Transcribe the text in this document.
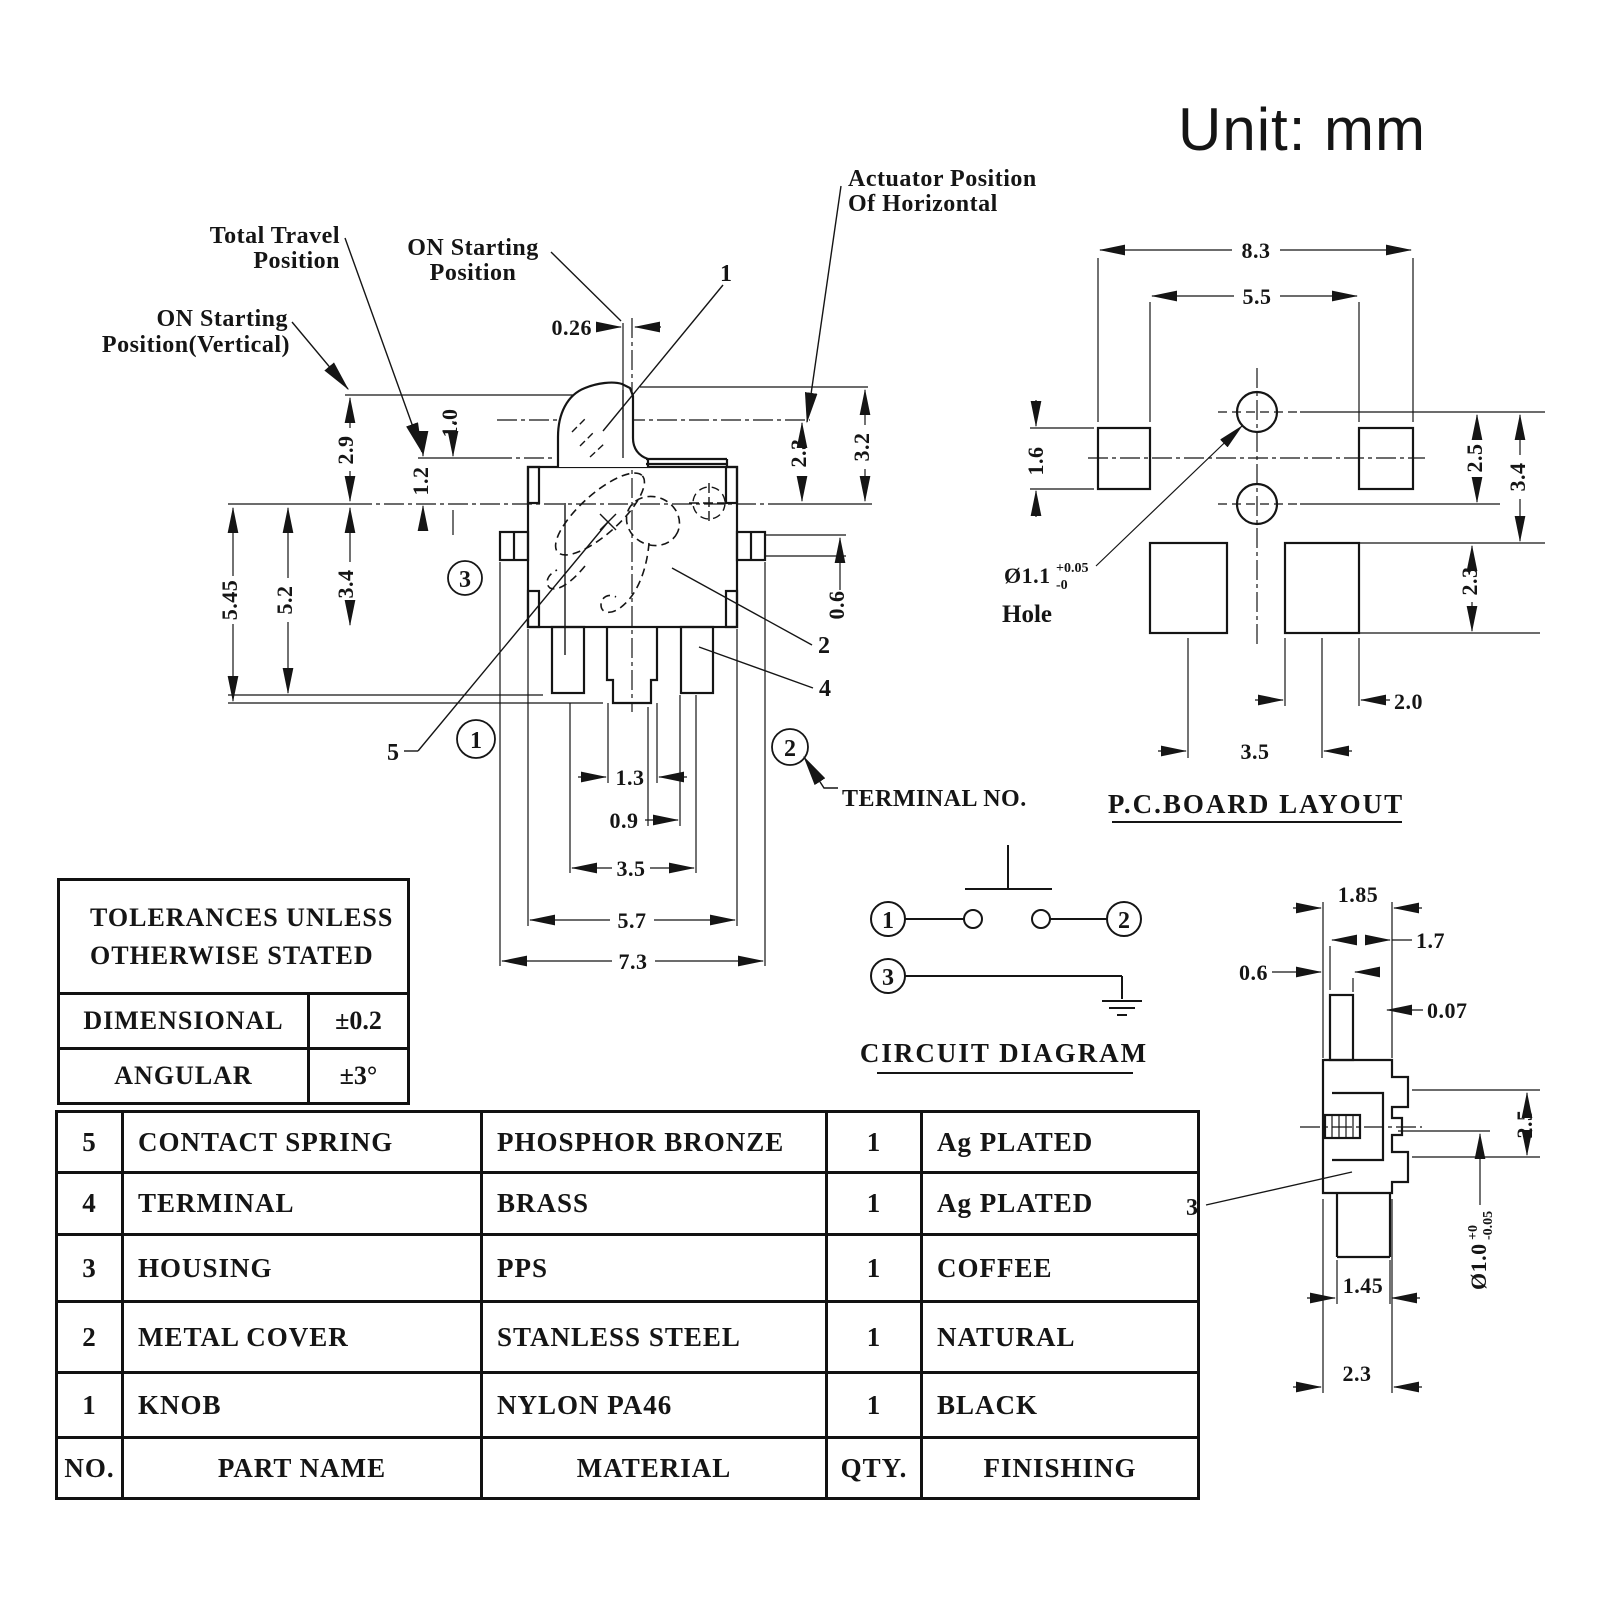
0.26
2.9
3.4
5.2
5.45
1.0
1.2
3.2
2.3
0.6
1.3
0.9
3.5
5.7
7.3
Total Travel
Position	ON Starting
Position
ON Starting
Position(Vertical)
Actuator Position
Of Horizontal
1
2
4
5
3
1	2
TERMINAL NO.
8.3
5.5
1.6	2.5
3.4
2.3
2.0
3.5
Ø1.1 +0.05
-0
Hole
P.C.BOARD LAYOUT
1	2
3
CIRCUIT DIAGRAM
1.85
1.7
0.6
0.07
2.5
Ø1.0
+0 -0.05
1.45
2.3
3
Unit: mm
TOLERANCES UNLESS
OTHERWISE STATED
DIMENSIONAL	±0.2
ANGULAR	±3°
5	CONTACT SPRING	PHOSPHOR BRONZE	1	Ag PLATED
4	TERMINAL	BRASS	1	Ag PLATED
3	HOUSING	PPS	1	COFFEE
2	METAL COVER	STANLESS STEEL	1	NATURAL
1	KNOB	NYLON PA46	1	BLACK
NO.	PART NAME	MATERIAL	QTY.	FINISHING
